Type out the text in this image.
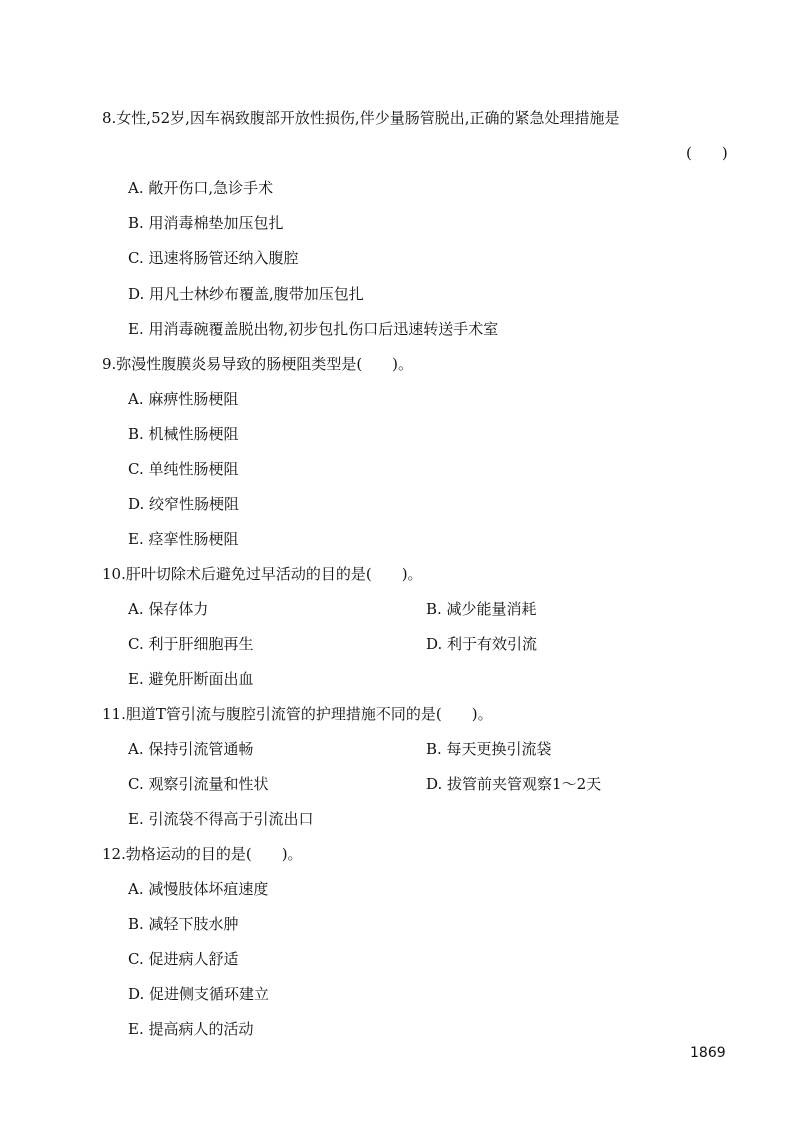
8.女性,52岁,因车祸致腹部开放性损伤,伴少量肠管脱出,正确的紧急处理措施是
(　　)
A. 敞开伤口,急诊手术
B. 用消毒棉垫加压包扎
C. 迅速将肠管还纳入腹腔
D. 用凡士林纱布覆盖,腹带加压包扎
E. 用消毒碗覆盖脱出物,初步包扎伤口后迅速转送手术室
9.弥漫性腹膜炎易导致的肠梗阻类型是(　　)。
A. 麻痹性肠梗阻
B. 机械性肠梗阻
C. 单纯性肠梗阻
D. 绞窄性肠梗阻
E. 痉挛性肠梗阻
10.肝叶切除术后避免过早活动的目的是(　　)。
A. 保存体力	B. 减少能量消耗
C. 利于肝细胞再生	D. 利于有效引流
E. 避免肝断面出血
11.胆道T管引流与腹腔引流管的护理措施不同的是(　　)。
A. 保持引流管通畅	B. 每天更换引流袋
C. 观察引流量和性状	D. 拔管前夹管观察1～2天
E. 引流袋不得高于引流出口
12.勃格运动的目的是(　　)。
A. 减慢肢体坏疽速度
B. 减轻下肢水肿
C. 促进病人舒适
D. 促进侧支循环建立
E. 提高病人的活动
1869
